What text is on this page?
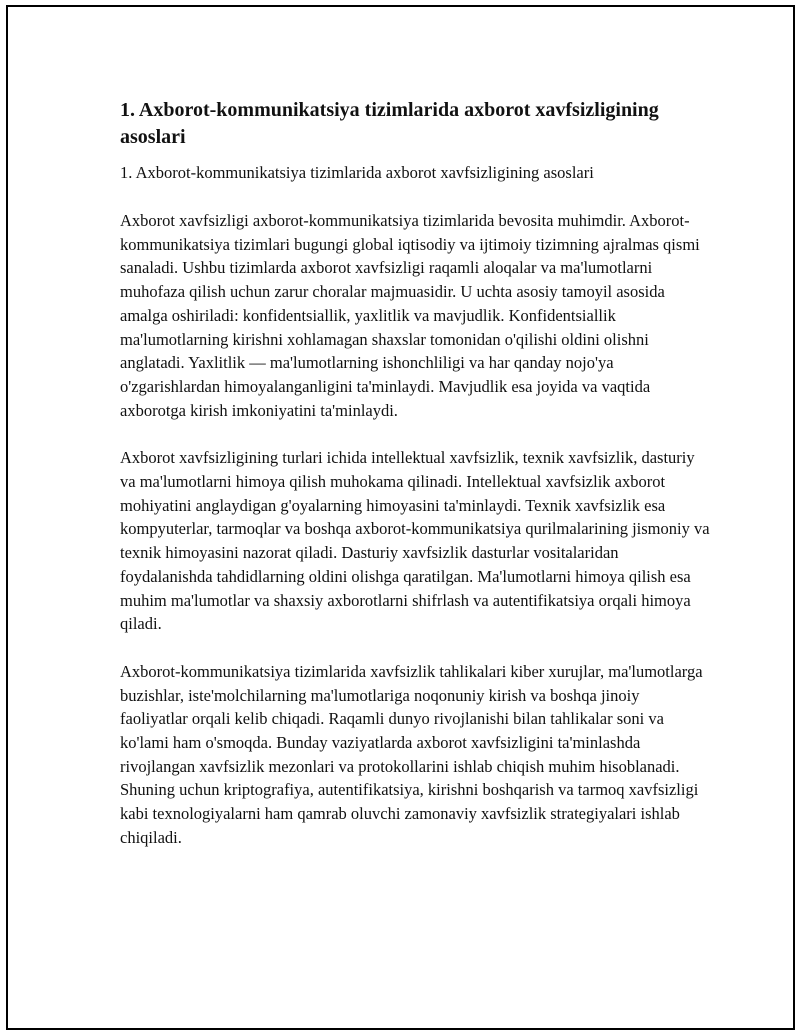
1. Axborot-kommunikatsiya tizimlarida axborot xavfsizligining asoslari

1. Axborot-kommunikatsiya tizimlarida axborot xavfsizligining asoslari

Axborot xavfsizligi axborot-kommunikatsiya tizimlarida bevosita muhimdir. Axborot-kommunikatsiya tizimlari bugungi global iqtisodiy va ijtimoiy tizimning ajralmas qismi sanaladi. Ushbu tizimlarda axborot xavfsizligi raqamli aloqalar va ma'lumotlarni muhofaza qilish uchun zarur choralar majmuasidir. U uchta asosiy tamoyil asosida amalga oshiriladi: konfidentsiallik, yaxlitlik va mavjudlik. Konfidentsiallik ma'lumotlarning kirishni xohlamagan shaxslar tomonidan o'qilishi oldini olishni anglatadi. Yaxlitlik — ma'lumotlarning ishonchliligi va har qanday nojo'ya o'zgarishlardan himoyalanganligini ta'minlaydi. Mavjudlik esa joyida va vaqtida axborotga kirish imkoniyatini ta'minlaydi.

Axborot xavfsizligining turlari ichida intellektual xavfsizlik, texnik xavfsizlik, dasturiy va ma'lumotlarni himoya qilish muhokama qilinadi. Intellektual xavfsizlik axborot mohiyatini anglaydigan g'oyalarning himoyasini ta'minlaydi. Texnik xavfsizlik esa kompyuterlar, tarmoqlar va boshqa axborot-kommunikatsiya qurilmalarining jismoniy va texnik himoyasini nazorat qiladi. Dasturiy xavfsizlik dasturlar vositalaridan foydalanishda tahdidlarning oldini olishga qaratilgan. Ma'lumotlarni himoya qilish esa muhim ma'lumotlar va shaxsiy axborotlarni shifrlash va autentifikatsiya orqali himoya qiladi.

Axborot-kommunikatsiya tizimlarida xavfsizlik tahlikalari kiber xurujlar, ma'lumotlarga buzishlar, iste'molchilarning ma'lumotlariga noqonuniy kirish va boshqa jinoiy faoliyatlar orqali kelib chiqadi. Raqamli dunyo rivojlanishi bilan tahlikalar soni va ko'lami ham o'smoqda. Bunday vaziyatlarda axborot xavfsizligini ta'minlashda rivojlangan xavfsizlik mezonlari va protokollarini ishlab chiqish muhim hisoblanadi. Shuning uchun kriptografiya, autentifikatsiya, kirishni boshqarish va tarmoq xavfsizligi kabi texnologiyalarni ham qamrab oluvchi zamonaviy xavfsizlik strategiyalari ishlab chiqiladi.
